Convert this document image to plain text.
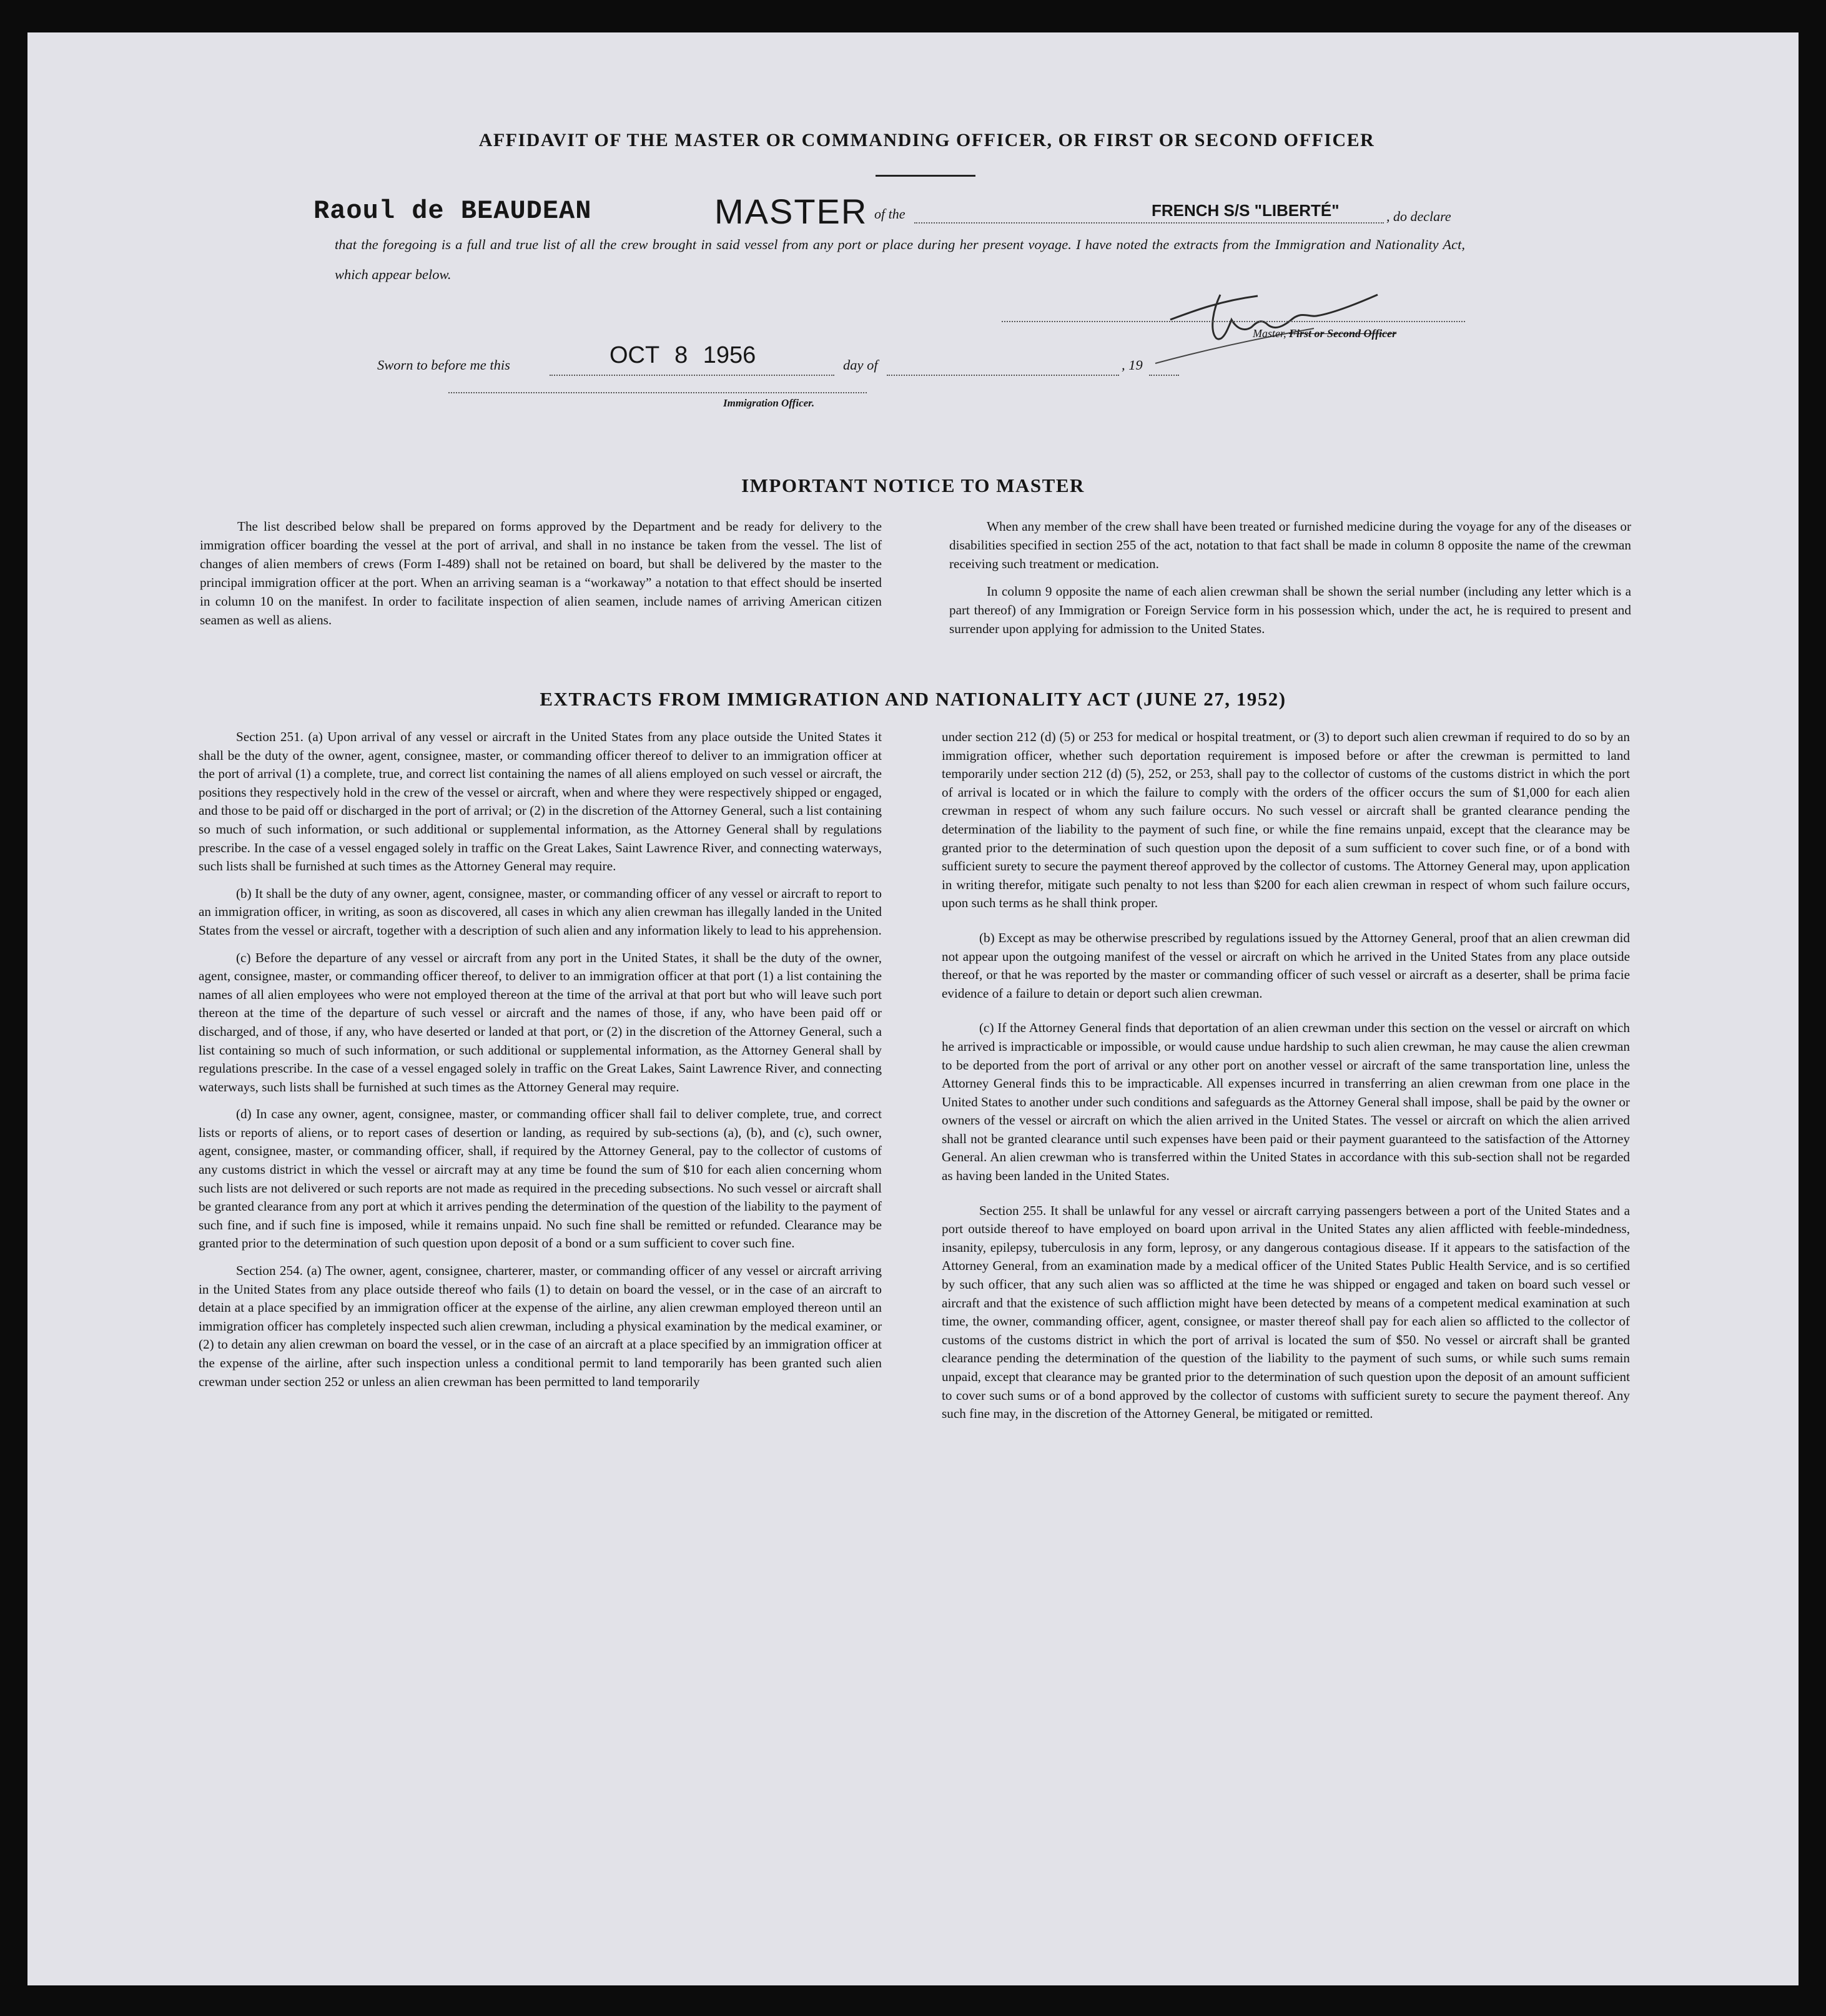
AFFIDAVIT OF THE MASTER OR COMMANDING OFFICER, OR FIRST OR SECOND OFFICER
Raoul de BEAUDEAN	MASTER of the	FRENCH S/S "LIBERTÉ"	, do declare
that the foregoing is a full and true list of all the crew brought in said vessel from any port or place during her present voyage. I have noted the extracts from the Immigration and Nationality Act, which appear below.
Master, First or Second Officer
Sworn to before me this	OCT 8 1956	day of	, 19
Immigration Officer.
IMPORTANT NOTICE TO MASTER

The list described below shall be prepared on forms approved by the Department and be ready for delivery to the immigration officer boarding the vessel at the port of arrival, and shall in no instance be taken from the vessel. The list of changes of alien members of crews (Form I-489) shall not be retained on board, but shall be delivered by the master to the principal immigration officer at the port. When an arriving seaman is a “workaway” a notation to that effect should be inserted in column 10 on the manifest. In order to facilitate inspection of alien seamen, include names of arriving American citizen seamen as well as aliens.

When any member of the crew shall have been treated or furnished medicine during the voyage for any of the diseases or disabilities specified in section 255 of the act, notation to that fact shall be made in column 8 opposite the name of the crewman receiving such treatment or medication.

In column 9 opposite the name of each alien crewman shall be shown the serial number (including any letter which is a part thereof) of any Immigration or Foreign Service form in his possession which, under the act, he is required to present and surrender upon applying for admission to the United States.

EXTRACTS FROM IMMIGRATION AND NATIONALITY ACT (JUNE 27, 1952)

Section 251. (a) Upon arrival of any vessel or aircraft in the United States from any place outside the United States it shall be the duty of the owner, agent, consignee, master, or commanding officer thereof to deliver to an immigration officer at the port of arrival (1) a complete, true, and correct list containing the names of all aliens employed on such vessel or aircraft, the positions they respectively hold in the crew of the vessel or aircraft, when and where they were respectively shipped or engaged, and those to be paid off or discharged in the port of arrival; or (2) in the discretion of the Attorney General, such a list containing so much of such information, or such additional or supplemental information, as the Attorney General shall by regulations prescribe. In the case of a vessel engaged solely in traffic on the Great Lakes, Saint Lawrence River, and connecting waterways, such lists shall be furnished at such times as the Attorney General may require.

(b) It shall be the duty of any owner, agent, consignee, master, or commanding officer of any vessel or aircraft to report to an immigration officer, in writing, as soon as discovered, all cases in which any alien crewman has illegally landed in the United States from the vessel or aircraft, together with a description of such alien and any information likely to lead to his apprehension.

(c) Before the departure of any vessel or aircraft from any port in the United States, it shall be the duty of the owner, agent, consignee, master, or commanding officer thereof, to deliver to an immigration officer at that port (1) a list containing the names of all alien employees who were not employed thereon at the time of the arrival at that port but who will leave such port thereon at the time of the departure of such vessel or aircraft and the names of those, if any, who have been paid off or discharged, and of those, if any, who have deserted or landed at that port, or (2) in the discretion of the Attorney General, such a list containing so much of such information, or such additional or supplemental information, as the Attorney General shall by regulations prescribe. In the case of a vessel engaged solely in traffic on the Great Lakes, Saint Lawrence River, and connecting waterways, such lists shall be furnished at such times as the Attorney General may require.

(d) In case any owner, agent, consignee, master, or commanding officer shall fail to deliver complete, true, and correct lists or reports of aliens, or to report cases of desertion or landing, as required by sub-sections (a), (b), and (c), such owner, agent, consignee, master, or commanding officer, shall, if required by the Attorney General, pay to the collector of customs of any customs district in which the vessel or aircraft may at any time be found the sum of $10 for each alien concerning whom such lists are not delivered or such reports are not made as required in the preceding subsections. No such vessel or aircraft shall be granted clearance from any port at which it arrives pending the determination of the question of the liability to the payment of such fine, and if such fine is imposed, while it remains unpaid. No such fine shall be remitted or refunded. Clearance may be granted prior to the determination of such question upon deposit of a bond or a sum sufficient to cover such fine.

Section 254. (a) The owner, agent, consignee, charterer, master, or commanding officer of any vessel or aircraft arriving in the United States from any place outside thereof who fails (1) to detain on board the vessel, or in the case of an aircraft to detain at a place specified by an immigration officer at the expense of the airline, any alien crewman employed thereon until an immigration officer has completely inspected such alien crewman, including a physical examination by the medical examiner, or (2) to detain any alien crewman on board the vessel, or in the case of an aircraft at a place specified by an immigration officer at the expense of the airline, after such inspection unless a conditional permit to land temporarily has been granted such alien crewman under section 252 or unless an alien crewman has been permitted to land temporarily

under section 212 (d) (5) or 253 for medical or hospital treatment, or (3) to deport such alien crewman if required to do so by an immigration officer, whether such deportation requirement is imposed before or after the crewman is permitted to land temporarily under section 212 (d) (5), 252, or 253, shall pay to the collector of customs of the customs district in which the port of arrival is located or in which the failure to comply with the orders of the officer occurs the sum of $1,000 for each alien crewman in respect of whom any such failure occurs. No such vessel or aircraft shall be granted clearance pending the determination of the liability to the payment of such fine, or while the fine remains unpaid, except that the clearance may be granted prior to the determination of such question upon the deposit of a sum sufficient to cover such fine, or of a bond with sufficient surety to secure the payment thereof approved by the collector of customs. The Attorney General may, upon application in writing therefor, mitigate such penalty to not less than $200 for each alien crewman in respect of whom such failure occurs, upon such terms as he shall think proper.

(b) Except as may be otherwise prescribed by regulations issued by the Attorney General, proof that an alien crewman did not appear upon the outgoing manifest of the vessel or aircraft on which he arrived in the United States from any place outside thereof, or that he was reported by the master or commanding officer of such vessel or aircraft as a deserter, shall be prima facie evidence of a failure to detain or deport such alien crewman.

(c) If the Attorney General finds that deportation of an alien crewman under this section on the vessel or aircraft on which he arrived is impracticable or impossible, or would cause undue hardship to such alien crewman, he may cause the alien crewman to be deported from the port of arrival or any other port on another vessel or aircraft of the same transportation line, unless the Attorney General finds this to be impracticable. All expenses incurred in transferring an alien crewman from one place in the United States to another under such conditions and safeguards as the Attorney General shall impose, shall be paid by the owner or owners of the vessel or aircraft on which the alien arrived in the United States. The vessel or aircraft on which the alien arrived shall not be granted clearance until such expenses have been paid or their payment guaranteed to the satisfaction of the Attorney General. An alien crewman who is transferred within the United States in accordance with this sub-section shall not be regarded as having been landed in the United States.

Section 255. It shall be unlawful for any vessel or aircraft carrying passengers between a port of the United States and a port outside thereof to have employed on board upon arrival in the United States any alien afflicted with feeble-mindedness, insanity, epilepsy, tuberculosis in any form, leprosy, or any dangerous contagious disease. If it appears to the satisfaction of the Attorney General, from an examination made by a medical officer of the United States Public Health Service, and is so certified by such officer, that any such alien was so afflicted at the time he was shipped or engaged and taken on board such vessel or aircraft and that the existence of such affliction might have been detected by means of a competent medical examination at such time, the owner, commanding officer, agent, consignee, or master thereof shall pay for each alien so afflicted to the collector of customs of the customs district in which the port of arrival is located the sum of $50. No vessel or aircraft shall be granted clearance pending the determination of the question of the liability to the payment of such sums, or while such sums remain unpaid, except that clearance may be granted prior to the determination of such question upon the deposit of an amount sufficient to cover such sums or of a bond approved by the collector of customs with sufficient surety to secure the payment thereof. Any such fine may, in the discretion of the Attorney General, be mitigated or remitted.
